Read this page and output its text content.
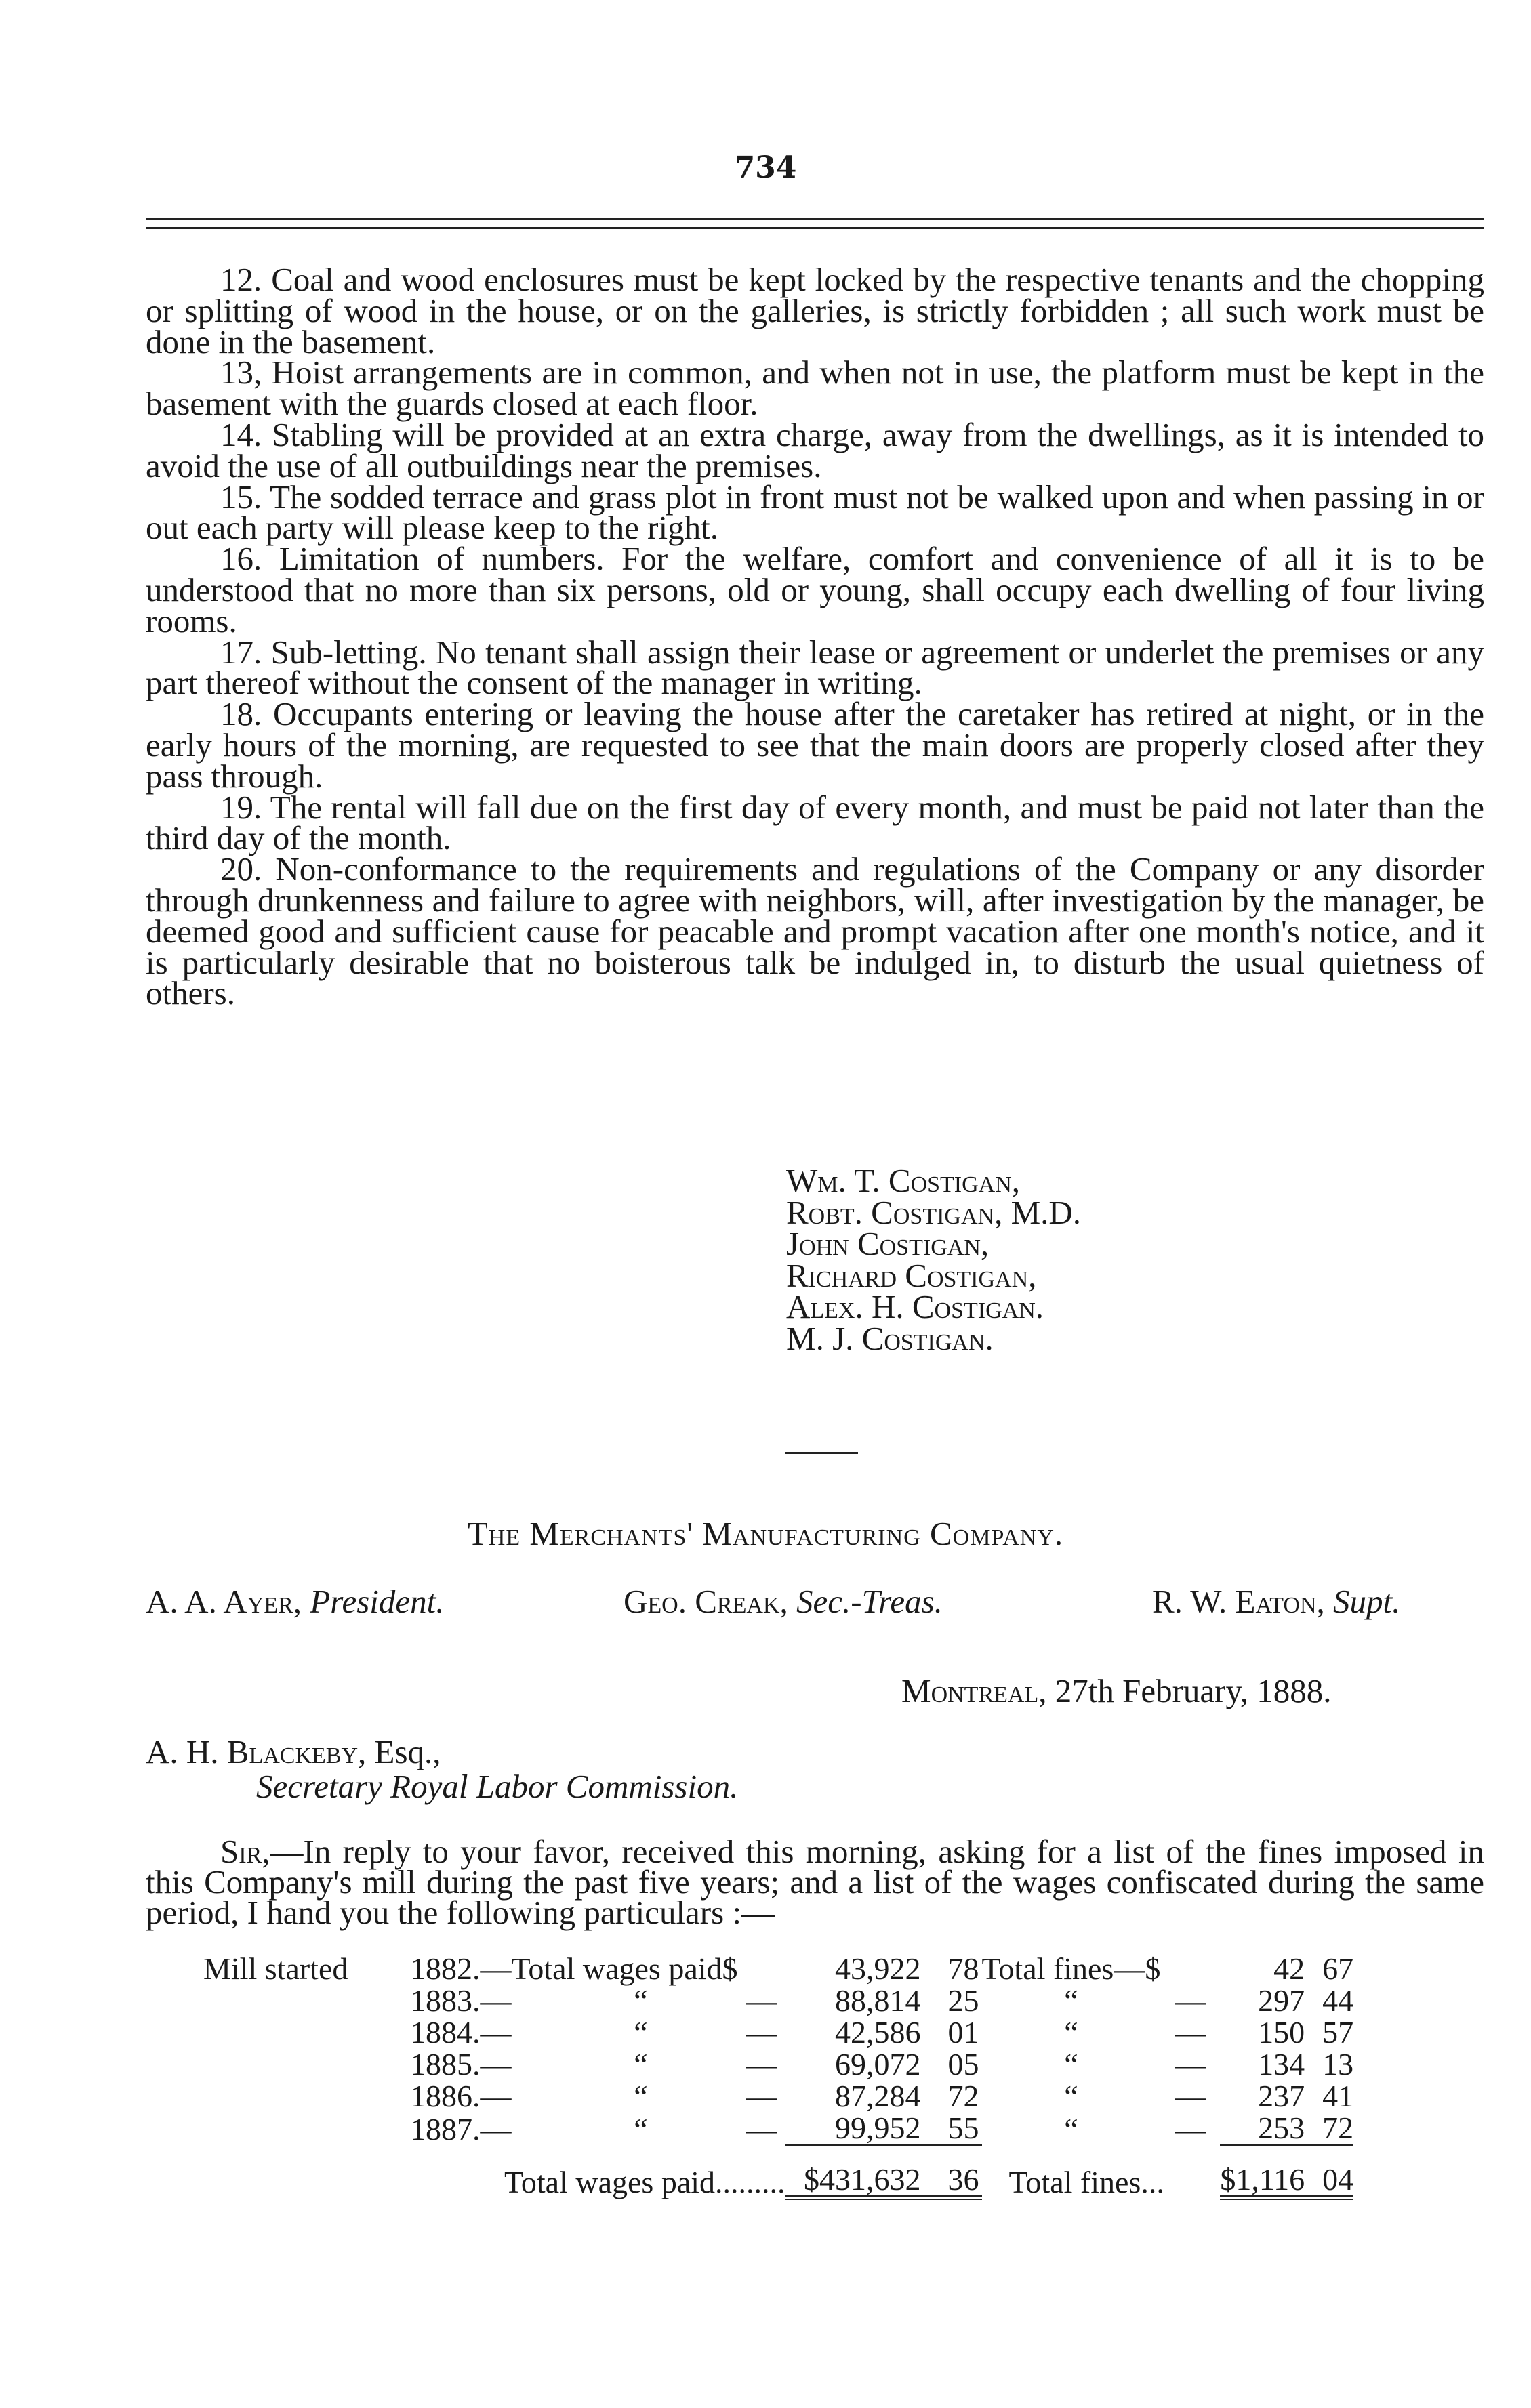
734

12. Coal and wood enclosures must be kept locked by the respective tenants and the chopping or splitting of wood in the house, or on the galleries, is strictly forbidden ; all such work must be done in the basement.

13, Hoist arrangements are in common, and when not in use, the platform must be kept in the basement with the guards closed at each floor.

14. Stabling will be provided at an extra charge, away from the dwellings, as it is intended to avoid the use of all outbuildings near the premises.

15. The sodded terrace and grass plot in front must not be walked upon and when passing in or out each party will please keep to the right.

16. Limitation of numbers. For the welfare, comfort and convenience of all it is to be understood that no more than six persons, old or young, shall occupy each dwelling of four living rooms.

17. Sub-letting. No tenant shall assign their lease or agreement or underlet the premises or any part thereof without the consent of the manager in writing.

18. Occupants entering or leaving the house after the caretaker has retired at night, or in the early hours of the morning, are requested to see that the main doors are properly closed after they pass through.

19. The rental will fall due on the first day of every month, and must be paid not later than the third day of the month.

20. Non-conformance to the requirements and regulations of the Company or any disorder through drunkenness and failure to agree with neighbors, will, after investigation by the manager, be deemed good and sufficient cause for peacable and prompt vacation after one month's notice, and it is particularly desirable that no boisterous talk be indulged in, to disturb the usual quietness of others.

Wm. T. Costigan,
Robt. Costigan, M.D.
John Costigan,
Richard Costigan,
Alex. H. Costigan.
M. J. Costigan.
The Merchants' Manufacturing Company.
A. A. Ayer, President.	Geo. Creak, Sec.-Treas.	R. W. Eaton, Supt.
Montreal, 27th February, 1888.
A. H. Blackeby, Esq.,
Secretary Royal Labor Commission.

Sir,—In reply to your favor, received this morning, asking for a list of the fines imposed in this Company's mill during the past five years; and a list of the wages confiscated during the same period, I hand you the following particulars :—

Mill started	1882.—Total wages paid$		43,922		78	Total fines—$		42	67
	1883.—	“	—	88,814	25	“	—	297	44
	1884.—	“	—	42,586	01	“	—	150	57
	1885.—	“	—	69,072	05	“	—	134	13
	1886.—	“	—	87,284	72	“	—	237	41
	1887.—	“	—	99,952	55	“	—	253	72
	Total wages paid.........			$431,632	36	Total fines...		$1,116	04
